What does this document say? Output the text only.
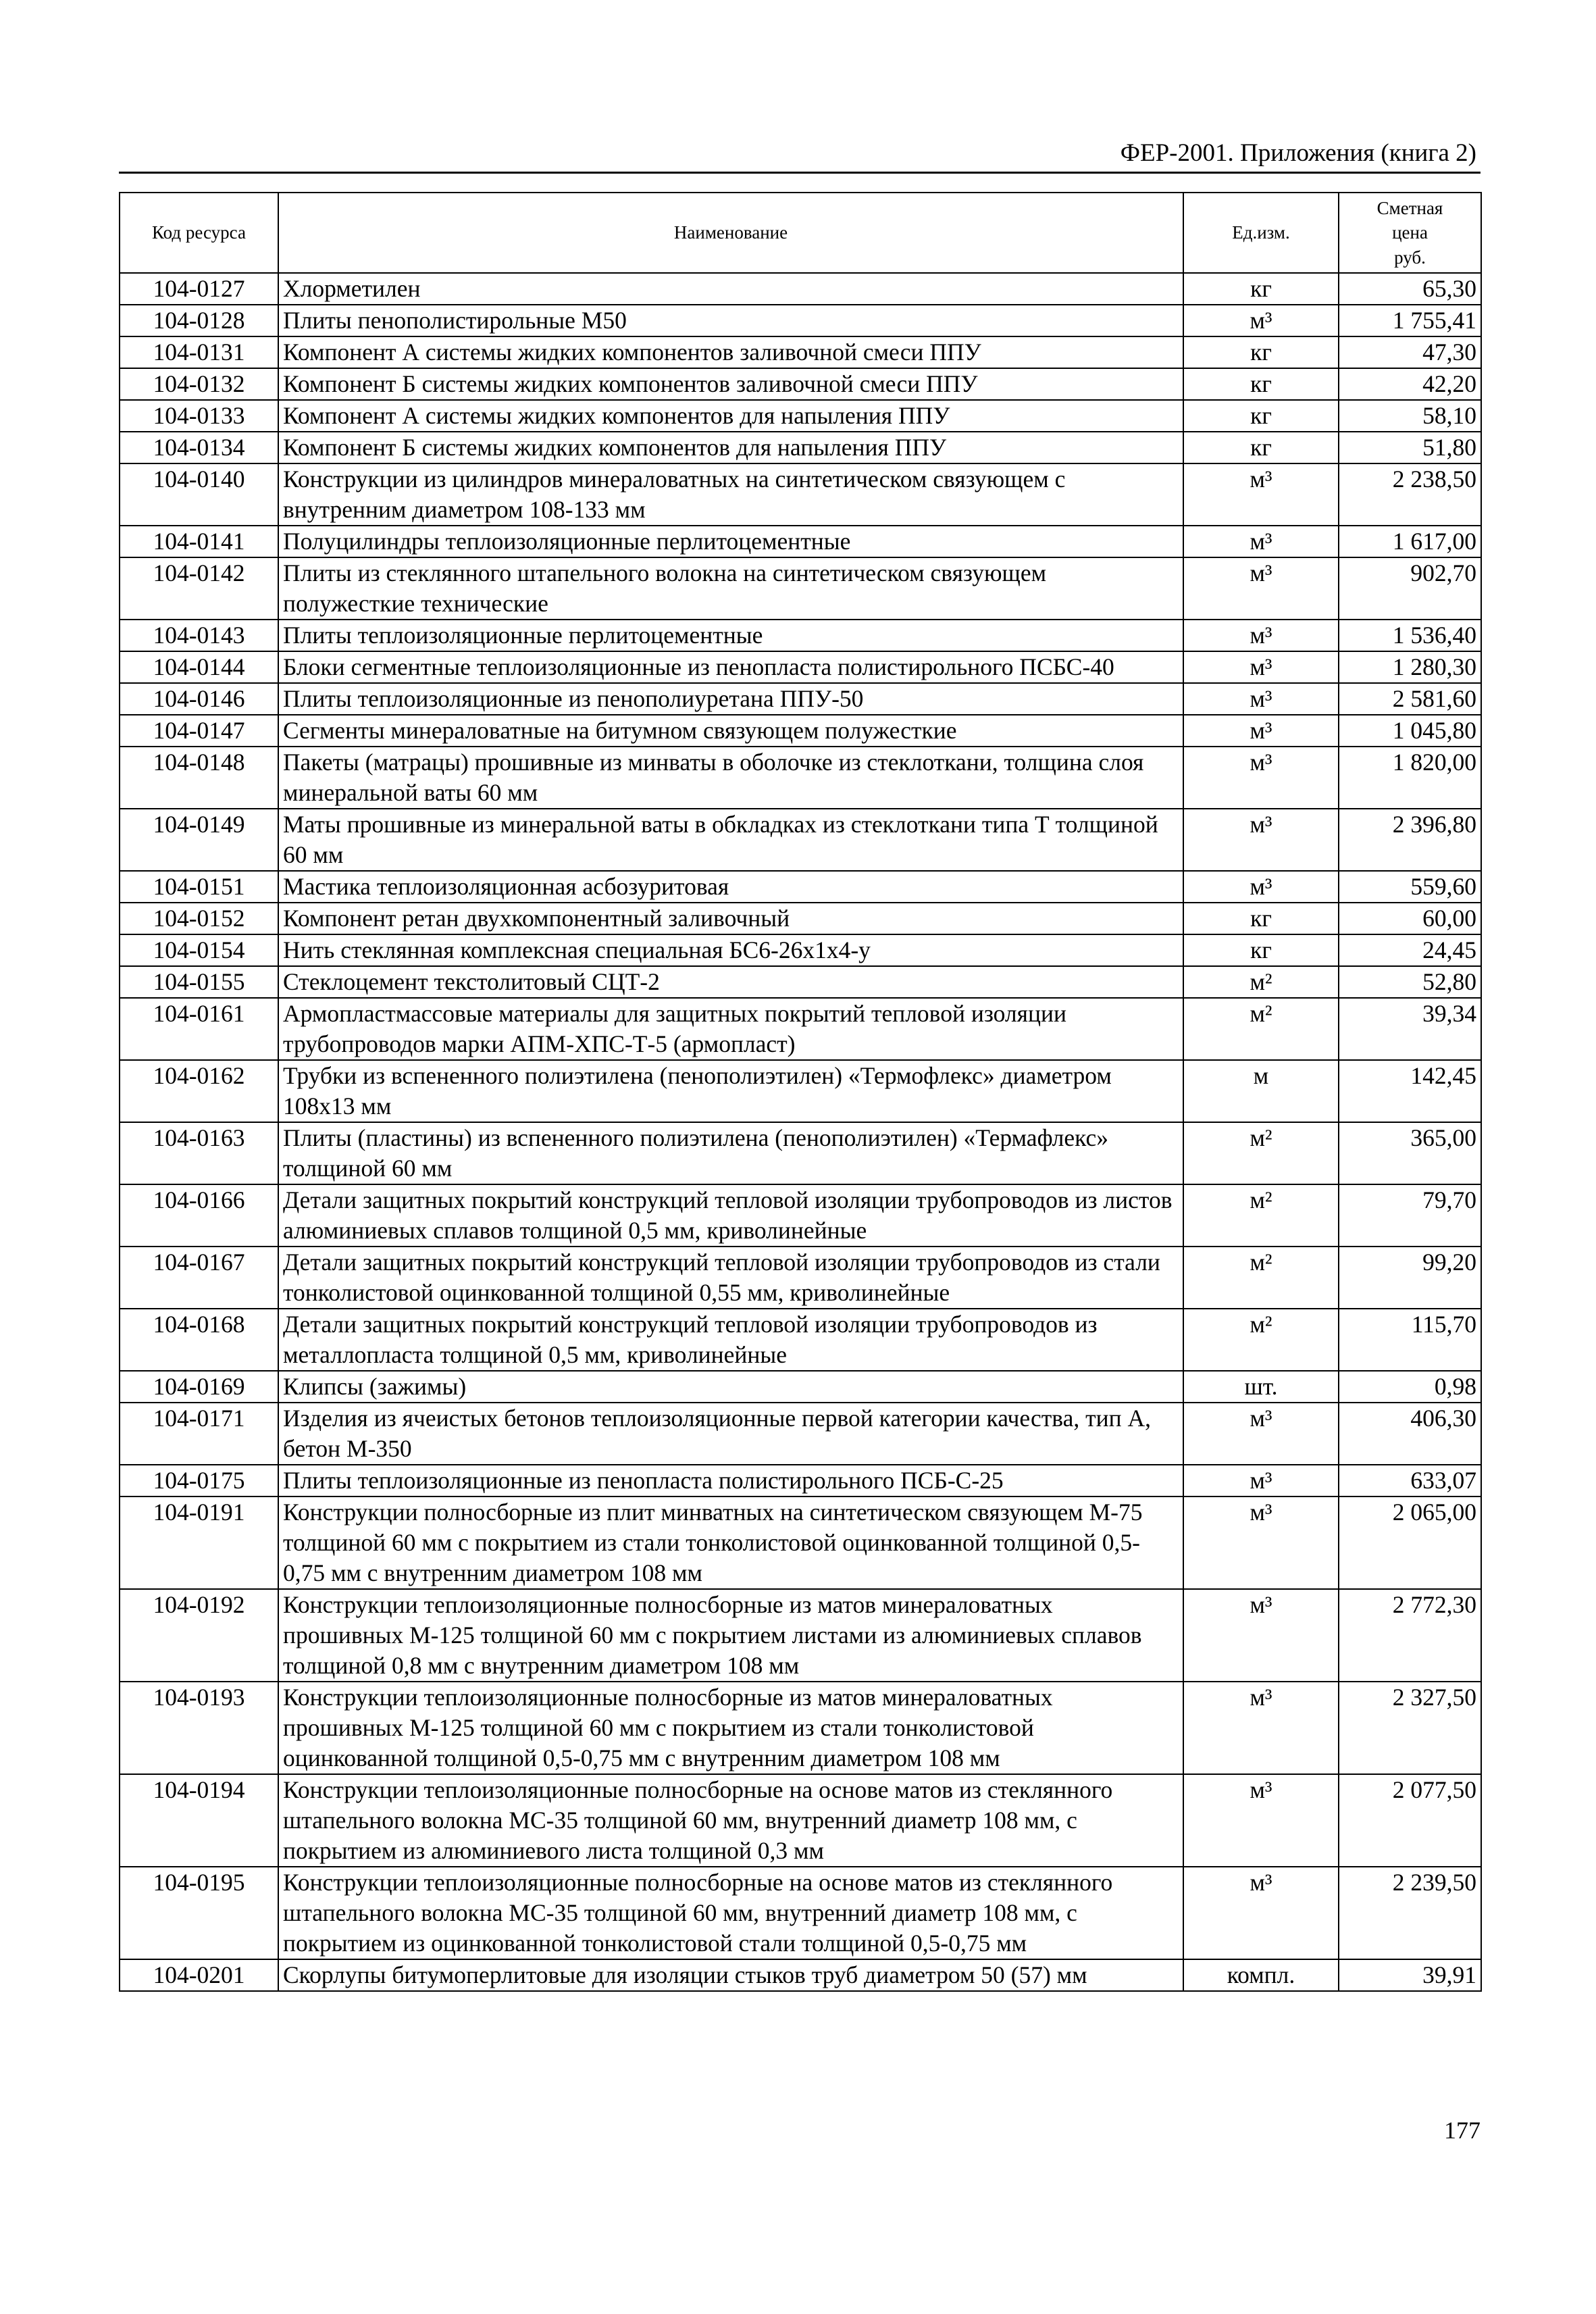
ФЕР-2001. Приложения (книга 2)
Код ресурса	Наименование	Ед.изм.	Сметная
цена
руб.

104-0127	Хлорметилен	кг	65,30
104-0128	Плиты пенополистирольные М50	м³	1 755,41
104-0131	Компонент А системы жидких компонентов заливочной смеси ППУ	кг	47,30
104-0132	Компонент Б системы жидких компонентов заливочной смеси ППУ	кг	42,20
104-0133	Компонент А системы жидких компонентов для напыления ППУ	кг	58,10
104-0134	Компонент Б системы жидких компонентов для напыления ППУ	кг	51,80
104-0140	Конструкции из цилиндров минераловатных на синтетическом связующем с внутренним диаметром 108-133 мм	м³	2 238,50
104-0141	Полуцилиндры теплоизоляционные перлитоцементные	м³	1 617,00
104-0142	Плиты из стеклянного штапельного волокна на синтетическом связующем полужесткие технические	м³	902,70
104-0143	Плиты теплоизоляционные перлитоцементные	м³	1 536,40
104-0144	Блоки сегментные теплоизоляционные из пенопласта полистирольного ПСБС-40	м³	1 280,30
104-0146	Плиты теплоизоляционные из пенополиуретана ППУ-50	м³	2 581,60
104-0147	Сегменты минераловатные на битумном связующем полужесткие	м³	1 045,80
104-0148	Пакеты (матрацы) прошивные из минваты в оболочке из стеклоткани, толщина слоя минеральной ваты 60 мм	м³	1 820,00
104-0149	Маты прошивные из минеральной ваты в обкладках из стеклоткани типа Т толщиной 60 мм	м³	2 396,80
104-0151	Мастика теплоизоляционная асбозуритовая	м³	559,60
104-0152	Компонент ретан двухкомпонентный заливочный	кг	60,00
104-0154	Нить стеклянная комплексная специальная БС6-26х1х4-у	кг	24,45
104-0155	Стеклоцемент текстолитовый СЦТ-2	м²	52,80
104-0161	Армопластмассовые материалы для защитных покрытий тепловой изоляции трубопроводов марки АПМ-ХПС-Т-5 (армопласт)	м²	39,34
104-0162	Трубки из вспененного полиэтилена (пенополиэтилен) «Термофлекс» диаметром 108х13 мм	м	142,45
104-0163	Плиты (пластины) из вспененного полиэтилена (пенополиэтилен) «Термафлекс» толщиной 60 мм	м²	365,00
104-0166	Детали защитных покрытий конструкций тепловой изоляции трубопроводов из листов алюминиевых сплавов толщиной 0,5 мм, криволинейные	м²	79,70
104-0167	Детали защитных покрытий конструкций тепловой изоляции трубопроводов из стали тонколистовой оцинкованной толщиной 0,55 мм, криволинейные	м²	99,20
104-0168	Детали защитных покрытий конструкций тепловой изоляции трубопроводов из металлопласта толщиной 0,5 мм, криволинейные	м²	115,70
104-0169	Клипсы (зажимы)	шт.	0,98
104-0171	Изделия из ячеистых бетонов теплоизоляционные первой категории качества, тип А, бетон М-350	м³	406,30
104-0175	Плиты теплоизоляционные из пенопласта полистирольного ПСБ-С-25	м³	633,07
104-0191	Конструкции полносборные из плит минватных на синтетическом связующем М-75 толщиной 60 мм с покрытием из стали тонколистовой оцинкованной толщиной 0,5-0,75 мм с внутренним диаметром 108 мм	м³	2 065,00
104-0192	Конструкции теплоизоляционные полносборные из матов минераловатных прошивных М-125 толщиной 60 мм с покрытием листами из алюминиевых сплавов толщиной 0,8 мм с внутренним диаметром 108 мм	м³	2 772,30
104-0193	Конструкции теплоизоляционные полносборные из матов минераловатных прошивных М-125 толщиной 60 мм с покрытием из стали тонколистовой оцинкованной толщиной 0,5-0,75 мм с внутренним диаметром 108 мм	м³	2 327,50
104-0194	Конструкции теплоизоляционные полносборные на основе матов из стеклянного штапельного волокна МС-35 толщиной 60 мм, внутренний диаметр 108 мм, с покрытием из алюминиевого листа толщиной 0,3 мм	м³	2 077,50
104-0195	Конструкции теплоизоляционные полносборные на основе матов из стеклянного штапельного волокна МС-35 толщиной 60 мм, внутренний диаметр 108 мм, с покрытием из оцинкованной тонколистовой стали толщиной 0,5-0,75 мм	м³	2 239,50
104-0201	Скорлупы битумоперлитовые для изоляции стыков труб диаметром 50 (57) мм	компл.	39,91
177
